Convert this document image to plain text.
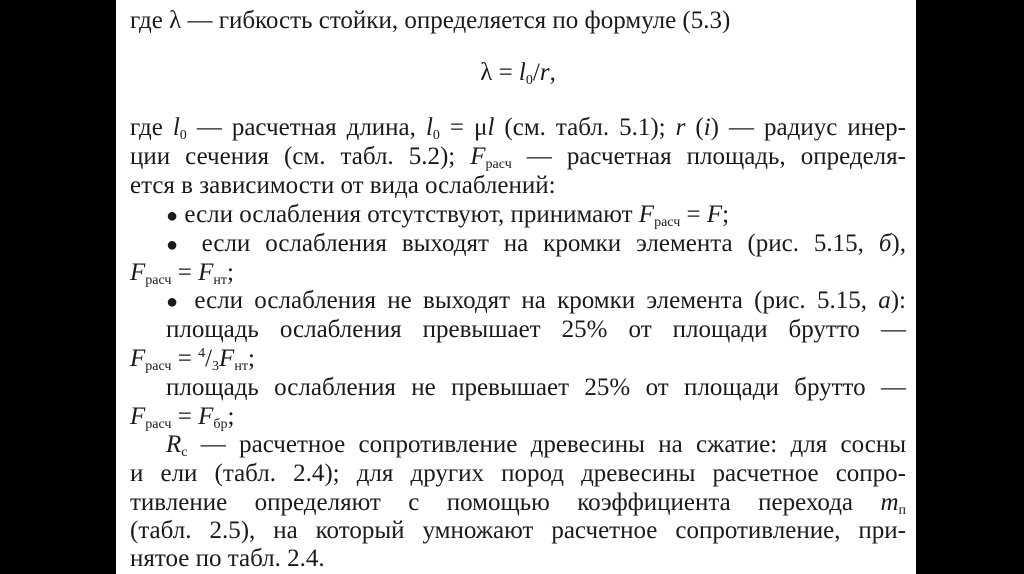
где λ — гибкость стойки, определяется по формуле (5.3)
$\lambda = l_0/r$,
где $l_0$ — расчетная длина, $l_0 = \mu l$ (см. табл. 5.1); r (i) — радиус инер-
ции сечения (см. табл. 5.2); $F_{расч}$ — расчетная площадь, определя-
ется в зависимости от вида ослаблений:
● если ослабления отсутствуют, принимают $F_{расч} = F$;
● если ослабления выходят на кромки элемента (рис. 5.15, б),
$F_{расч} = F_{нт}$;
● если ослабления не выходят на кромки элемента (рис. 5.15, а):
площадь ослабления превышает 25% от площади брутто —
$F_{расч} = ^4/_3F_{нт}$;
площадь ослабления не превышает 25% от площади брутто —
$F_{расч} = F_{бр}$;
$R_c$ — расчетное сопротивление древесины на сжатие: для сосны
и ели (табл. 2.4); для других пород древесины расчетное сопро-
тивление определяют с помощью коэффициента перехода $m_п$
(табл. 2.5), на который умножают расчетное сопротивление, при-
нятое по табл. 2.4.
